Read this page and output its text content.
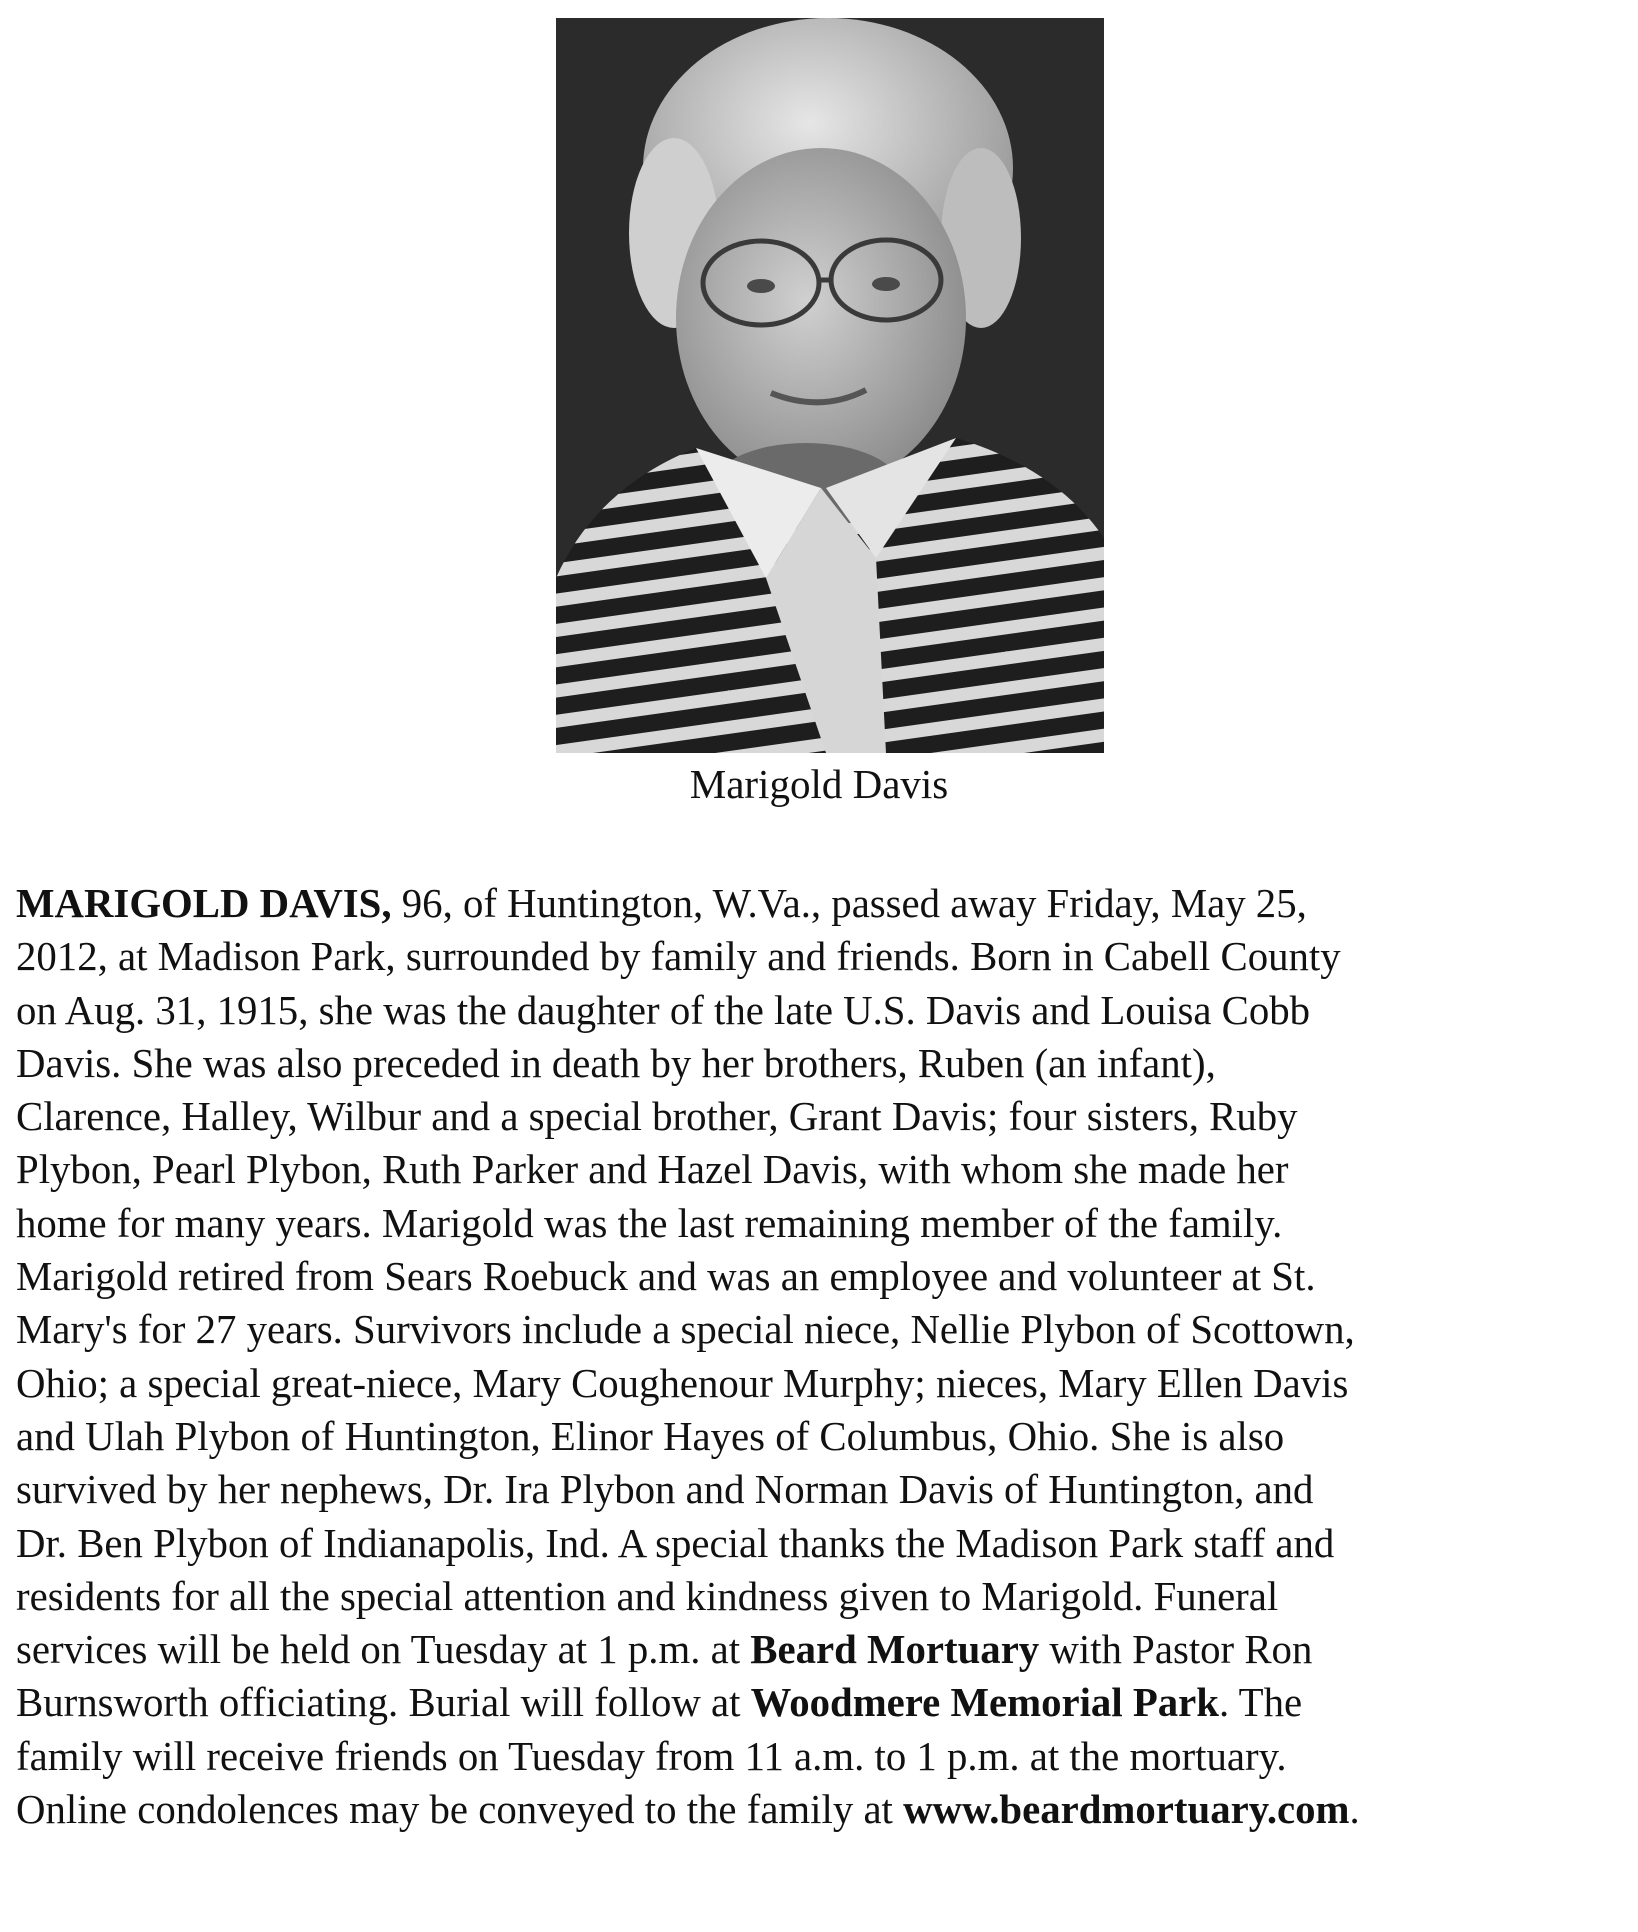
Marigold Davis
MARIGOLD DAVIS, 96, of Huntington, W.Va., passed away Friday, May 25,
2012, at Madison Park, surrounded by family and friends. Born in Cabell County
on Aug. 31, 1915, she was the daughter of the late U.S. Davis and Louisa Cobb
Davis. She was also preceded in death by her brothers, Ruben (an infant),
Clarence, Halley, Wilbur and a special brother, Grant Davis; four sisters, Ruby
Plybon, Pearl Plybon, Ruth Parker and Hazel Davis, with whom she made her
home for many years. Marigold was the last remaining member of the family.
Marigold retired from Sears Roebuck and was an employee and volunteer at St.
Mary's for 27 years. Survivors include a special niece, Nellie Plybon of Scottown,
Ohio; a special great-niece, Mary Coughenour Murphy; nieces, Mary Ellen Davis
and Ulah Plybon of Huntington, Elinor Hayes of Columbus, Ohio. She is also
survived by her nephews, Dr. Ira Plybon and Norman Davis of Huntington, and
Dr. Ben Plybon of Indianapolis, Ind. A special thanks the Madison Park staff and
residents for all the special attention and kindness given to Marigold. Funeral
services will be held on Tuesday at 1 p.m. at Beard Mortuary with Pastor Ron
Burnsworth officiating. Burial will follow at Woodmere Memorial Park. The
family will receive friends on Tuesday from 11 a.m. to 1 p.m. at the mortuary.
Online condolences may be conveyed to the family at www.beardmortuary.com.
